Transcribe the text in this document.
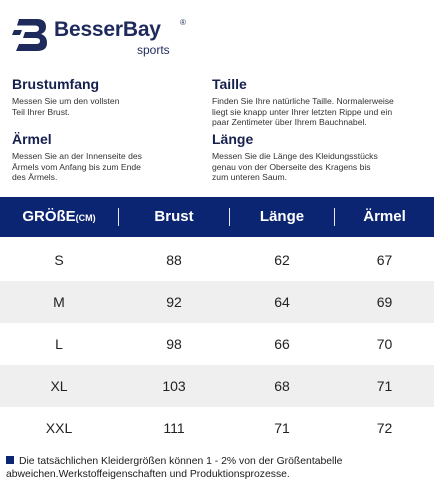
BesserBay ®
sports
Brustumfang
Messen Sie um den vollsten
Teil Ihrer Brust.
Taille
Finden Sie Ihre natürliche Taille. Normalerweise
liegt sie knapp unter Ihrer letzten Rippe und ein
paar Zentimeter über Ihrem Bauchnabel.
Ärmel
Messen Sie an der Innenseite des
Ärmels vom Anfang bis zum Ende
des Ärmels.
Länge
Messen Sie die Länge des Kleidungsstücks
genau von der Oberseite des Kragens bis
zum unteren Saum.
GRÖßE(CM)	Brust	Länge	Ärmel
S	88	62	67
M	92	64	69
L	98	66	70
XL	103	68	71
XXL	111	71	72
Die tatsächlichen Kleidergrößen können 1 - 2% von der Größentabelle abweichen.Werkstoffeigenschaften und Produktionsprozesse.
